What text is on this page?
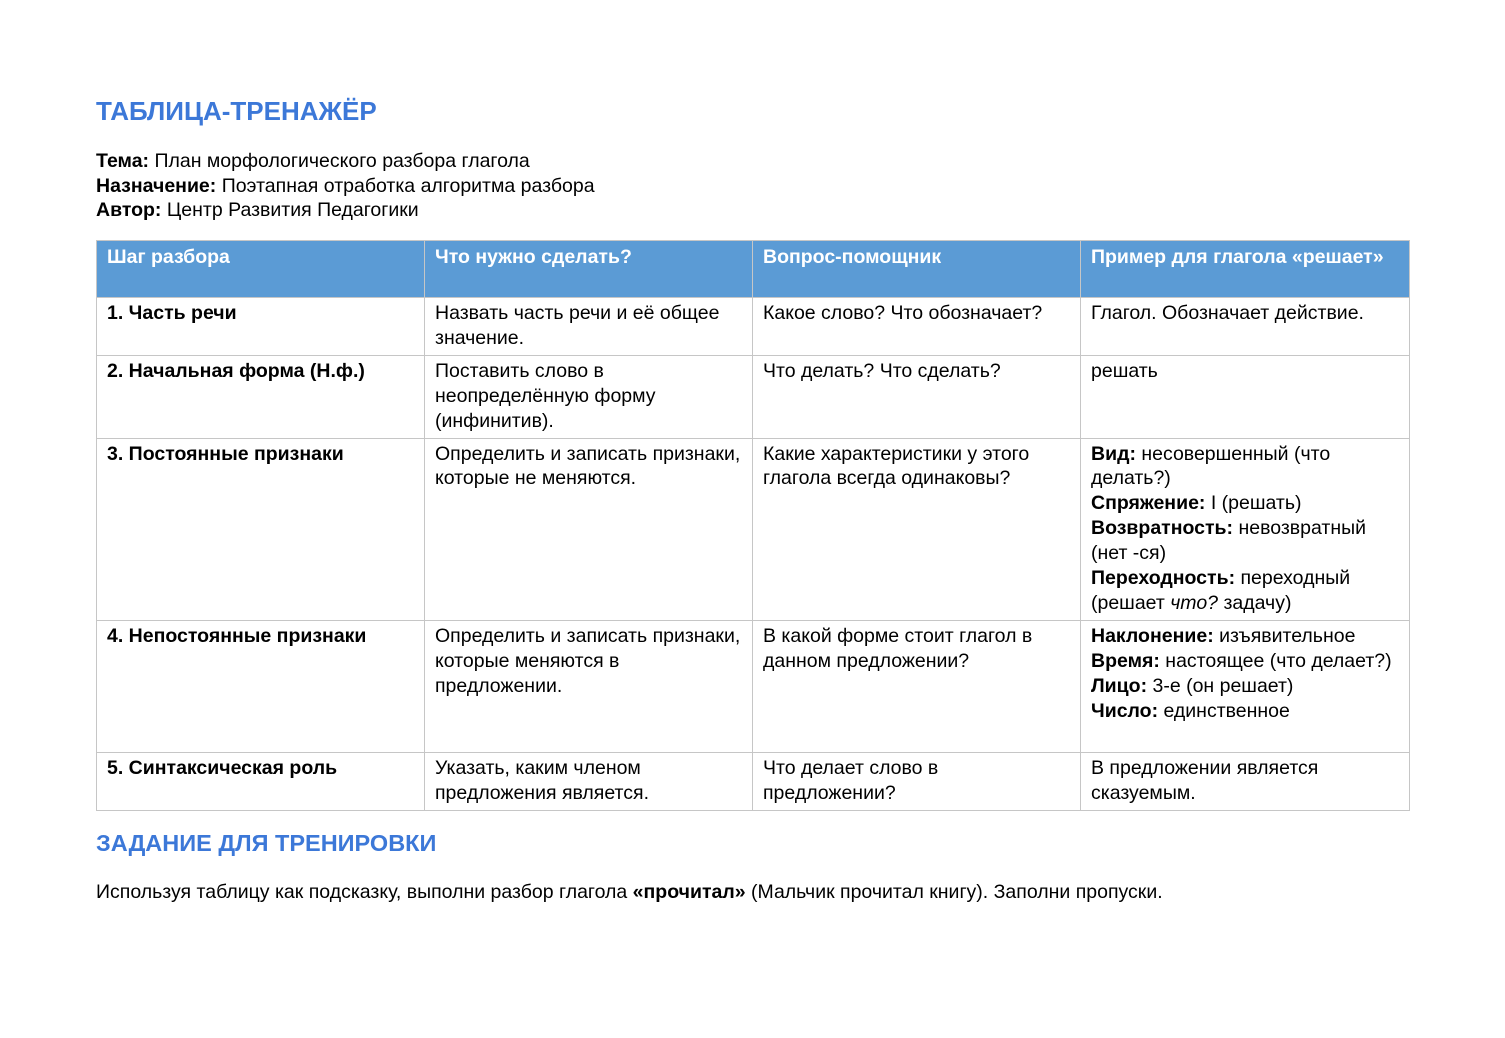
ТАБЛИЦА-ТРЕНАЖЁР
Тема: План морфологического разбора глагола
Назначение: Поэтапная отработка алгоритма разбора
Автор: Центр Развития Педагогики
Шаг разбора	Что нужно сделать?	Вопрос-помощник	Пример для глагола «решает»
1. Часть речи	Назвать часть речи и её общее значение.	Какое слово? Что обозначает?	Глагол. Обозначает действие.
2. Начальная форма (Н.ф.)	Поставить слово в неопределённую форму (инфинитив).	Что делать? Что сделать?	решать
3. Постоянные признаки	Определить и записать признаки, которые не меняются.	Какие характеристики у этого глагола всегда одинаковы?	Вид: несовершенный (что делать?)
Спряжение: I (решать)
Возвратность: невозвратный (нет -ся)
Переходность: переходный (решает что? задачу)

4. Непостоянные признаки	Определить и записать признаки, которые меняются в предложении.	В какой форме стоит глагол в данном предложении?	Наклонение: изъявительное
Время: настоящее (что делает?)
Лицо: 3-е (он решает)
Число: единственное

5. Синтаксическая роль	Указать, каким членом предложения является.	Что делает слово в предложении?	В предложении является сказуемым.
ЗАДАНИЕ ДЛЯ ТРЕНИРОВКИ

Используя таблицу как подсказку, выполни разбор глагола «прочитал» (Мальчик прочитал книгу). Заполни пропуски.
